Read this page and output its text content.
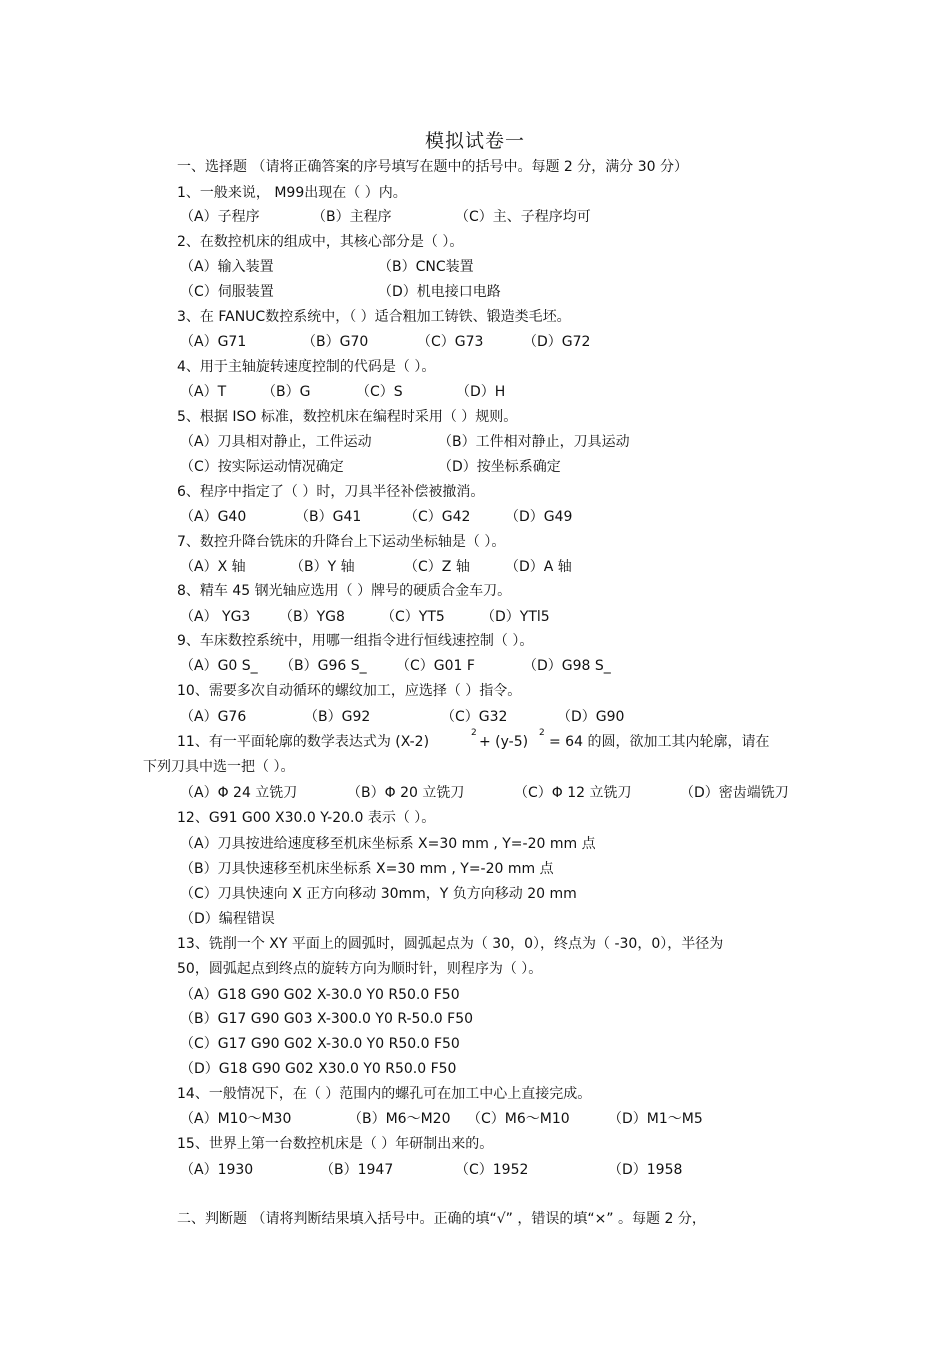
模拟试卷一
一、选择题 （请将正确答案的序号填写在题中的括号中。每题 2 分，满分 30 分）
1、一般来说， M99出现在（ ）内。
（A）子程序	（B）主程序	（C）主、子程序均可
2、在数控机床的组成中，其核心部分是（ ）。
（A）输入装置	（B）CNC装置
（C）伺服装置	（D）机电接口电路
3、在 FANUC数控系统中，（ ）适合粗加工铸铁、锻造类毛坯。
（A）G71	（B）G70	（C）G73	（D）G72
4、用于主轴旋转速度控制的代码是（ ）。
（A）T	（B）G	（C）S	（D）H
5、根据 ISO 标准，数控机床在编程时采用（ ）规则。
（A）刀具相对静止，工件运动	（B）工件相对静止，刀具运动
（C）按实际运动情况确定	（D）按坐标系确定
6、程序中指定了（ ）时，刀具半径补偿被撤消。
（A）G40	（B）G41	（C）G42 （D）G49
7、数控升降台铣床的升降台上下运动坐标轴是（ ）。
（A）X 轴	（B）Y 轴	（C）Z 轴	（D）A 轴
8、精车 45 钢光轴应选用（ ）牌号的硬质合金车刀。
（A） YG3 （B）YG8	（C）YT5	（D）YTl5
9、车床数控系统中，用哪一组指令进行恒线速控制（ ）。
（A）G0 S_ （B）G96 S_ （C）G01 F	（D）G98 S_
10、需要多次自动循环的螺纹加工，应选择（ ）指令。
（A）G76	（B）G92	（C）G32	（D）G90
11、有一平面轮廓的数学表达式为 (X-2)
2
+ (y-5)
2
= 64 的圆，欲加工其内轮廓，请在
下列刀具中选一把（ ）。
（A）Φ 24 立铣刀	（B）Φ 20 立铣刀	（C）Φ 12 立铣刀	（D）密齿端铣刀
12、G91 G00 X30.0 Y-20.0 表示（ ）。
（A）刀具按进给速度移至机床坐标系 X=30 mm , Y=-20 mm 点
（B）刀具快速移至机床坐标系 X=30 mm , Y=-20 mm 点
（C）刀具快速向 X 正方向移动 30mm，Y 负方向移动 20 mm
（D）编程错误
13、铣削一个 XY 平面上的圆弧时，圆弧起点为（ 30，0），终点为（ -30，0），半径为
50，圆弧起点到终点的旋转方向为顺时针，则程序为（ ）。
（A）G18 G90 G02 X-30.0 Y0 R50.0 F50
（B）G17 G90 G03 X-300.0 Y0 R-50.0 F50
（C）G17 G90 G02 X-30.0 Y0 R50.0 F50
（D）G18 G90 G02 X30.0 Y0 R50.0 F50
14、一般情况下，在（ ）范围内的螺孔可在加工中心上直接完成。
（A）M10～M30	（B）M6～M20 （C）M6～M10	（D）M1～M5
15、世界上第一台数控机床是（ ）年研制出来的。
（A）1930	（B）1947	（C）1952	（D）1958
二、判断题 （请将判断结果填入括号中。正确的填“√” ，错误的填“×” 。每题 2 分，
